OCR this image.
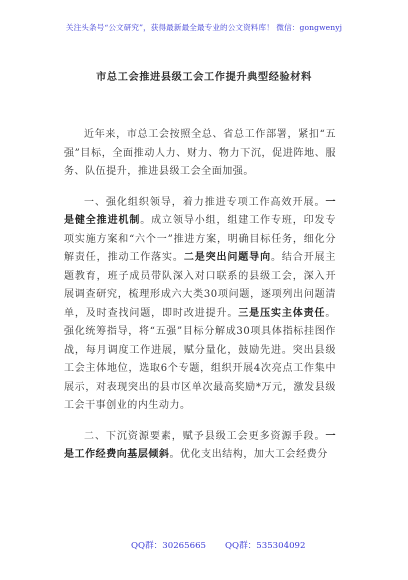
关注头条号“公文研究”，获得最新最全最专业的公文资料库！ 微信：gongwenyj
市总工会推进县级工会工作提升典型经验材料

近年来，市总工会按照全总、省总工作部署，紧扣“五强”目标，全面推动人力、财力、物力下沉，促进阵地、服务、队伍提升，推进县级工会全面加强。

一、强化组织领导，着力推进专项工作高效开展。一是健全推进机制。成立领导小组，组建工作专班，印发专项实施方案和“六个一”推进方案，明确目标任务，细化分解责任，推动工作落实。二是突出问题导向。结合开展主题教育，班子成员带队深入对口联系的县级工会，深入开展调查研究，梳理形成六大类30项问题，逐项列出问题清单，及时查找问题，即时改进提升。三是压实主体责任。强化统筹指导，将“五强”目标分解成30项具体指标挂图作战，每月调度工作进展，赋分量化，鼓励先进。突出县级工会主体地位，选取6个专题，组织开展4次亮点工作集中展示，对表现突出的县市区单次最高奖励*万元，激发县级工会干事创业的内生动力。

二、下沉资源要素，赋予县级工会更多资源手段。一是工作经费向基层倾斜。优化支出结构，加大工会经费分

QQ群：30265665 QQ群：535304092
